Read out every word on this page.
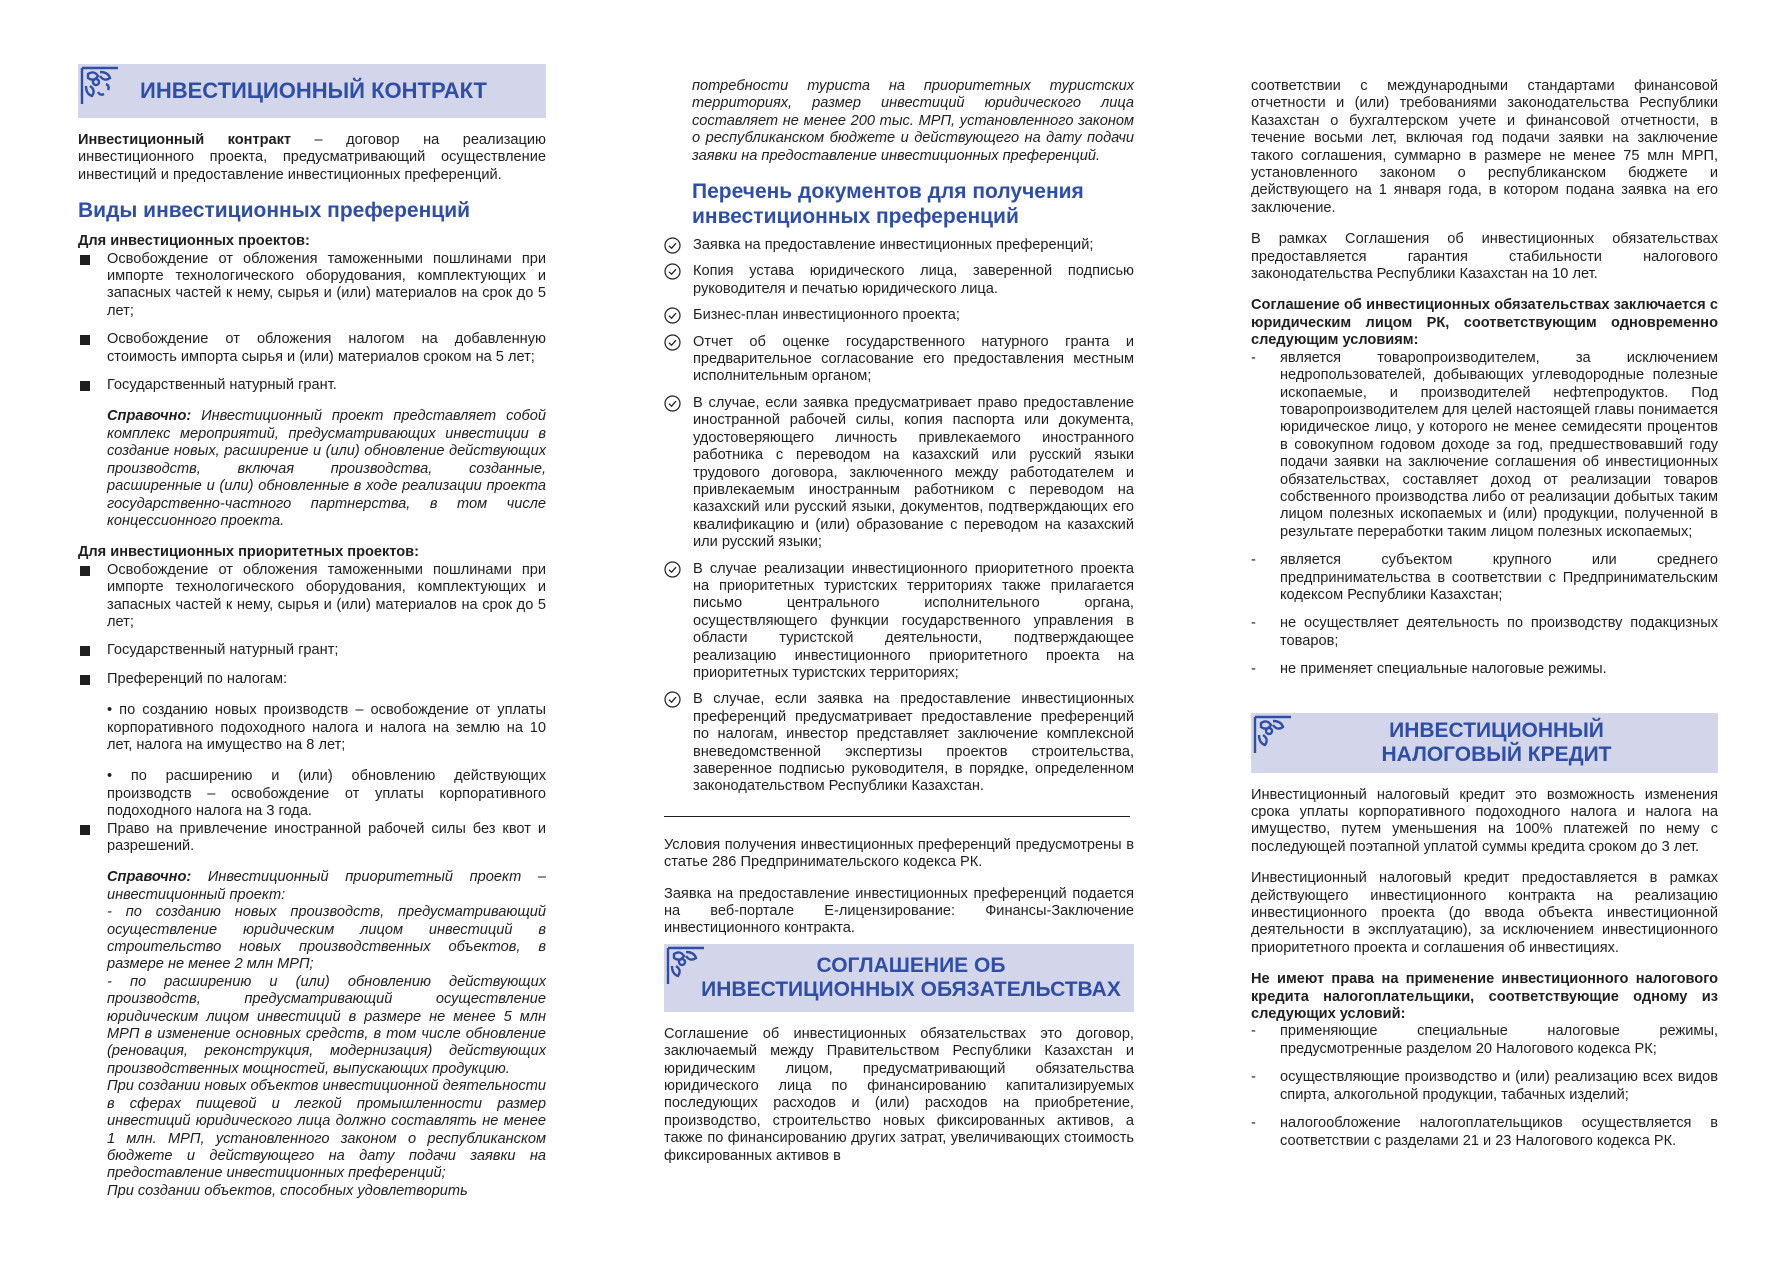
ИНВЕСТИЦИОННЫЙ КОНТРАКТ

Инвестиционный контракт – договор на реализацию инвестиционного проекта, предусматривающий осуществление инвестиций и предоставление инвестиционных преференций.

Виды инвестиционных преференций
Для инвестиционных проектов:
Освобождение от обложения таможенными пошлинами при импорте технологического оборудования, комплектующих и запасных частей к нему, сырья и (или) материалов на срок до 5 лет;
Освобождение от обложения налогом на добавленную стоимость импорта сырья и (или) материалов сроком на 5 лет;
Государственный натурный грант.
Справочно: Инвестиционный проект представляет собой комплекс мероприятий, предусматривающих инвестиции в создание новых, расширение и (или) обновление действующих производств, включая производства, созданные, расширенные и (или) обновленные в ходе реализации проекта государственно-частного партнерства, в том числе концессионного проекта.
Для инвестиционных приоритетных проектов:
Освобождение от обложения таможенными пошлинами при импорте технологического оборудования, комплектующих и запасных частей к нему, сырья и (или) материалов на срок до 5 лет;
Государственный натурный грант;
Преференций по налогам:
• по созданию новых производств – освобождение от уплаты корпоративного подоходного налога и налога на землю на 10 лет, налога на имущество на 8 лет;
• по расширению и (или) обновлению действующих производств – освобождение от уплаты корпоративного подоходного налога на 3 года.
Право на привлечение иностранной рабочей силы без квот и разрешений.
Справочно: Инвестиционный приоритетный проект – инвестиционный проект:
- по созданию новых производств, предусматривающий осуществление юридическим лицом инвестиций в строительство новых производственных объектов, в размере не менее 2 млн МРП;
- по расширению и (или) обновлению действующих производств, предусматривающий осуществление юридическим лицом инвестиций в размере не менее 5 млн МРП в изменение основных средств, в том числе обновление (реновация, реконструкция, модернизация) действующих производственных мощностей, выпускающих продукцию.
При создании новых объектов инвестиционной деятельности в сферах пищевой и легкой промышленности размер инвестиций юридического лица должно составлять не менее 1 млн. МРП, установленного законом о республиканском бюджете и действующего на дату подачи заявки на предоставление инвестиционных преференций;
При создании объектов, способных удовлетворить
потребности туриста на приоритетных туристских территориях, размер инвестиций юридического лица составляет не менее 200 тыс. МРП, установленного законом о республиканском бюджете и действующего на дату подачи заявки на предоставление инвестиционных преференций.
Перечень документов для получения инвестиционных преференций
Заявка на предоставление инвестиционных преференций;
Копия устава юридического лица, заверенной подписью руководителя и печатью юридического лица.
Бизнес-план инвестиционного проекта;
Отчет об оценке государственного натурного гранта и предварительное согласование его предоставления местным исполнительным органом;
В случае, если заявка предусматривает право предоставление иностранной рабочей силы, копия паспорта или документа, удостоверяющего личность привлекаемого иностранного работника с переводом на казахский или русский языки трудового договора, заключенного между работодателем и привлекаемым иностранным работником с переводом на казахский или русский языки, документов, подтверждающих его квалификацию и (или) образование с переводом на казахский или русский языки;
В случае реализации инвестиционного приоритетного проекта на приоритетных туристских территориях также прилагается письмо центрального исполнительного органа, осуществляющего функции государственного управления в области туристской деятельности, подтверждающее реализацию инвестиционного приоритетного проекта на приоритетных туристских территориях;
В случае, если заявка на предоставление инвестиционных преференций предусматривает предоставление преференций по налогам, инвестор представляет заключение комплексной вневедомственной экспертизы проектов строительства, заверенное подписью руководителя, в порядке, определенном законодательством Республики Казахстан.

Условия получения инвестиционных преференций предусмотрены в статье 286 Предпринимательского кодекса РК.

Заявка на предоставление инвестиционных преференций подается на веб-портале Е-лицензирование: Финансы-Заключение инвестиционного контракта.

СОГЛАШЕНИЕ ОБ
ИНВЕСТИЦИОННЫХ ОБЯЗАТЕЛЬСТВАХ

Соглашение об инвестиционных обязательствах это договор, заключаемый между Правительством Республики Казахстан и юридическим лицом, предусматривающий обязательства юридического лица по финансированию капитализируемых последующих расходов и (или) расходов на приобретение, производство, строительство новых фиксированных активов, а также по финансированию других затрат, увеличивающих стоимость фиксированных активов в

соответствии с международными стандартами финансовой отчетности и (или) требованиями законодательства Республики Казахстан о бухгалтерском учете и финансовой отчетности, в течение восьми лет, включая год подачи заявки на заключение такого соглашения, суммарно в размере не менее 75 млн МРП, установленного законом о республиканском бюджете и действующего на 1 января года, в котором подана заявка на его заключение.

В рамках Соглашения об инвестиционных обязательствах предоставляется гарантия стабильности налогового законодательства Республики Казахстан на 10 лет.

Соглашение об инвестиционных обязательствах заключается с юридическим лицом РК, соответствующим одновременно следующим условиям:

- является товаропроизводителем, за исключением недропользователей, добывающих углеводородные полезные ископаемые, и производителей нефтепродуктов. Под товаропроизводителем для целей настоящей главы понимается юридическое лицо, у которого не менее семидесяти процентов в совокупном годовом доходе за год, предшествовавший году подачи заявки на заключение соглашения об инвестиционных обязательствах, составляет доход от реализации товаров собственного производства либо от реализации добытых таким лицом полезных ископаемых и (или) продукции, полученной в результате переработки таким лицом полезных ископаемых;
- является субъектом крупного или среднего предпринимательства в соответствии с Предпринимательским кодексом Республики Казахстан;
- не осуществляет деятельность по производству подакцизных товаров;
- не применяет специальные налоговые режимы.
ИНВЕСТИЦИОННЫЙ
НАЛОГОВЫЙ КРЕДИТ

Инвестиционный налоговый кредит это возможность изменения срока уплаты корпоративного подоходного налога и налога на имущество, путем уменьшения на 100% платежей по нему с последующей поэтапной уплатой суммы кредита сроком до 3 лет.

Инвестиционный налоговый кредит предоставляется в рамках действующего инвестиционного контракта на реализацию инвестиционного проекта (до ввода объекта инвестиционной деятельности в эксплуатацию), за исключением инвестиционного приоритетного проекта и соглашения об инвестициях.

Не имеют права на применение инвестиционного налогового кредита налогоплательщики, соответствующие одному из следующих условий:

- применяющие специальные налоговые режимы, предусмотренные разделом 20 Налогового кодекса РК;
- осуществляющие производство и (или) реализацию всех видов спирта, алкогольной продукции, табачных изделий;
- налогообложение налогоплательщиков осуществляется в соответствии с разделами 21 и 23 Налогового кодекса РК.
